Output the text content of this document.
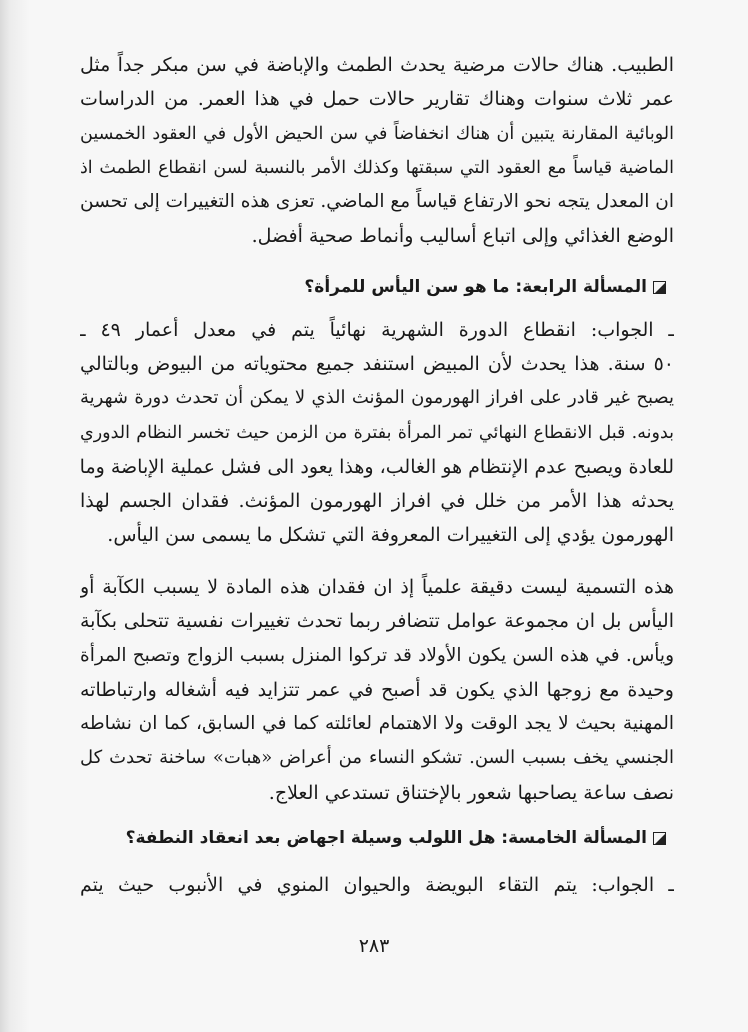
الطبيب. هناك حالات مرضية يحدث الطمث والإباضة في سن مبكر جداً مثل
عمر ثلاث سنوات وهناك تقارير حالات حمل في هذا العمر. من الدراسات
الوبائية المقارنة يتبين أن هناك انخفاضاً في سن الحيض الأول في العقود الخمسين
الماضية قياساً مع العقود التي سبقتها وكذلك الأمر بالنسبة لسن انقطاع الطمث اذ
ان المعدل يتجه نحو الارتفاع قياساً مع الماضي. تعزى هذه التغييرات إلى تحسن
الوضع الغذائي وإلى اتباع أساليب وأنماط صحية أفضل.
المسألة الرابعة: ما هو سن اليأس للمرأة؟
ـ الجواب: انقطاع الدورة الشهرية نهائياً يتم في معدل أعمار ٤٩ ـ
٥٠ سنة. هذا يحدث لأن المبيض استنفد جميع محتوياته من البيوض وبالتالي
يصبح غير قادر على افراز الهورمون المؤنث الذي لا يمكن أن تحدث دورة شهرية
بدونه. قبل الانقطاع النهائي تمر المرأة بفترة من الزمن حيث تخسر النظام الدوري
للعادة ويصبح عدم الإنتظام هو الغالب، وهذا يعود الى فشل عملية الإباضة وما
يحدثه هذا الأمر من خلل في افراز الهورمون المؤنث. فقدان الجسم لهذا
الهورمون يؤدي إلى التغييرات المعروفة التي تشكل ما يسمى سن اليأس.
هذه التسمية ليست دقيقة علمياً إذ ان فقدان هذه المادة لا يسبب الكآبة أو
اليأس بل ان مجموعة عوامل تتضافر ربما تحدث تغييرات نفسية تتحلى بكآبة
ويأس. في هذه السن يكون الأولاد قد تركوا المنزل بسبب الزواج وتصبح المرأة
وحيدة مع زوجها الذي يكون قد أصبح في عمر تتزايد فيه أشغاله وارتباطاته
المهنية بحيث لا يجد الوقت ولا الاهتمام لعائلته كما في السابق، كما ان نشاطه
الجنسي يخف بسبب السن. تشكو النساء من أعراض «هبات» ساخنة تحدث كل
نصف ساعة يصاحبها شعور بالإختناق تستدعي العلاج.
المسألة الخامسة: هل اللولب وسيلة اجهاض بعد انعقاد النطفة؟
ـ الجواب: يتم التقاء البويضة والحيوان المنوي في الأنبوب حيث يتم
٢٨٣
